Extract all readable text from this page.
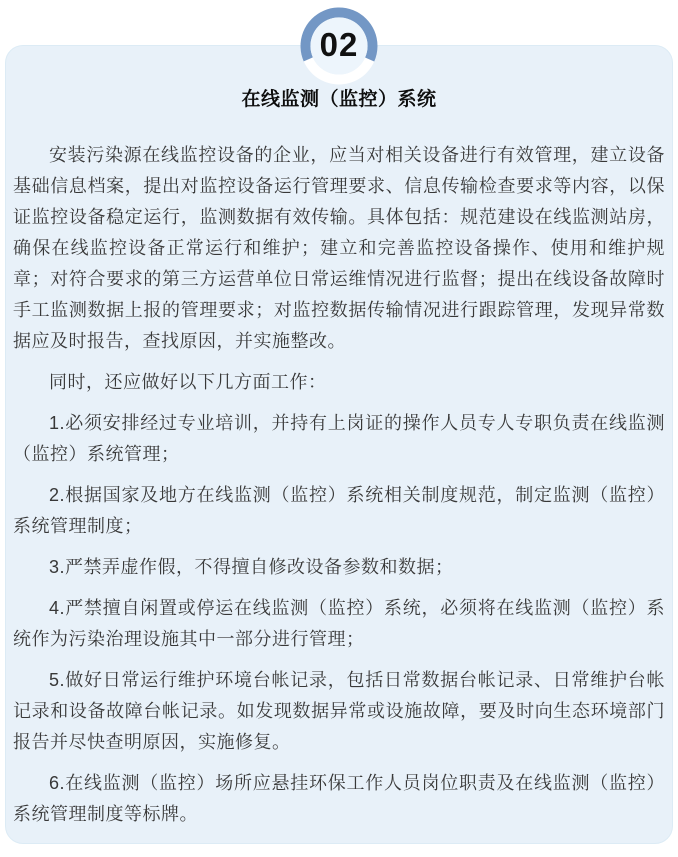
在线监测（监控）系统

安装污染源在线监控设备的企业，应当对相关设备进行有效管理，建立设备基础信息档案，提出对监控设备运行管理要求、信息传输检查要求等内容，以保证监控设备稳定运行，监测数据有效传输。具体包括：规范建设在线监测站房，确保在线监控设备正常运行和维护；建立和完善监控设备操作、使用和维护规章；对符合要求的第三方运营单位日常运维情况进行监督；提出在线设备故障时手工监测数据上报的管理要求；对监控数据传输情况进行跟踪管理，发现异常数据应及时报告，查找原因，并实施整改。

同时，还应做好以下几方面工作：

1.必须安排经过专业培训，并持有上岗证的操作人员专人专职负责在线监测（监控）系统管理；

2.根据国家及地方在线监测（监控）系统相关制度规范，制定监测（监控）系统管理制度；

3.严禁弄虚作假，不得擅自修改设备参数和数据；

4.严禁擅自闲置或停运在线监测（监控）系统，必须将在线监测（监控）系统作为污染治理设施其中一部分进行管理；

5.做好日常运行维护环境台帐记录，包括日常数据台帐记录、日常维护台帐记录和设备故障台帐记录。如发现数据异常或设施故障，要及时向生态环境部门报告并尽快查明原因，实施修复。

6.在线监测（监控）场所应悬挂环保工作人员岗位职责及在线监测（监控）系统管理制度等标牌。

02
